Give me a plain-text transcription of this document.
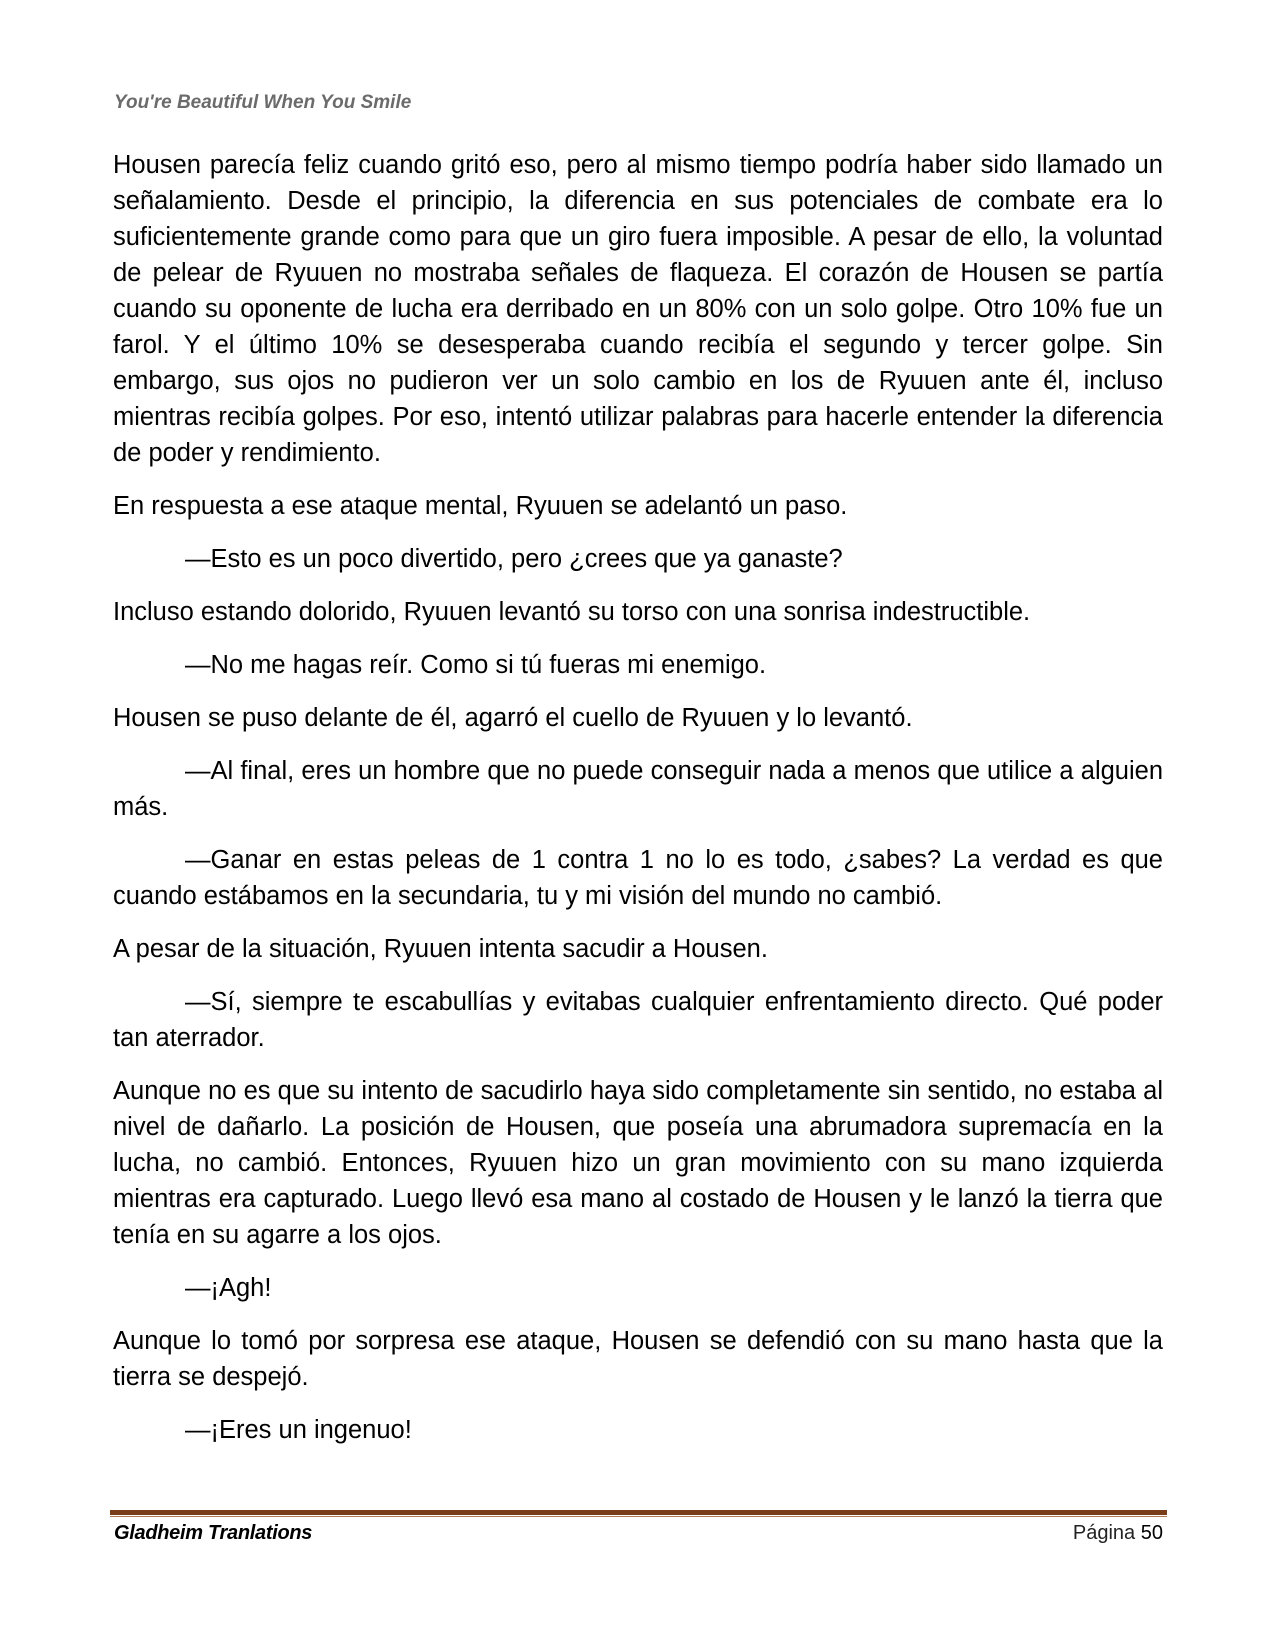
You're Beautiful When You Smile

Housen parecía feliz cuando gritó eso, pero al mismo tiempo podría haber sido llamado un señalamiento. Desde el principio, la diferencia en sus potenciales de combate era lo suficientemente grande como para que un giro fuera imposible. A pesar de ello, la voluntad de pelear de Ryuuen no mostraba señales de flaqueza. El corazón de Housen se partía cuando su oponente de lucha era derribado en un 80% con un solo golpe. Otro 10% fue un farol. Y el último 10% se desesperaba cuando recibía el segundo y tercer golpe. Sin embargo, sus ojos no pudieron ver un solo cambio en los de Ryuuen ante él, incluso mientras recibía golpes. Por eso, intentó utilizar palabras para hacerle entender la diferencia de poder y rendimiento.

En respuesta a ese ataque mental, Ryuuen se adelantó un paso.

—Esto es un poco divertido, pero ¿crees que ya ganaste?

Incluso estando dolorido, Ryuuen levantó su torso con una sonrisa indestructible.

—No me hagas reír. Como si tú fueras mi enemigo.

Housen se puso delante de él, agarró el cuello de Ryuuen y lo levantó.

—Al final, eres un hombre que no puede conseguir nada a menos que utilice a alguien más.

—Ganar en estas peleas de 1 contra 1 no lo es todo, ¿sabes? La verdad es que cuando estábamos en la secundaria, tu y mi visión del mundo no cambió.

A pesar de la situación, Ryuuen intenta sacudir a Housen.

—Sí, siempre te escabullías y evitabas cualquier enfrentamiento directo. Qué poder tan aterrador.

Aunque no es que su intento de sacudirlo haya sido completamente sin sentido, no estaba al nivel de dañarlo. La posición de Housen, que poseía una abrumadora supremacía en la lucha, no cambió. Entonces, Ryuuen hizo un gran movimiento con su mano izquierda mientras era capturado. Luego llevó esa mano al costado de Housen y le lanzó la tierra que tenía en su agarre a los ojos.

—¡Agh!

Aunque lo tomó por sorpresa ese ataque, Housen se defendió con su mano hasta que la tierra se despejó.

—¡Eres un ingenuo!

Gladheim Tranlations	Página 50
